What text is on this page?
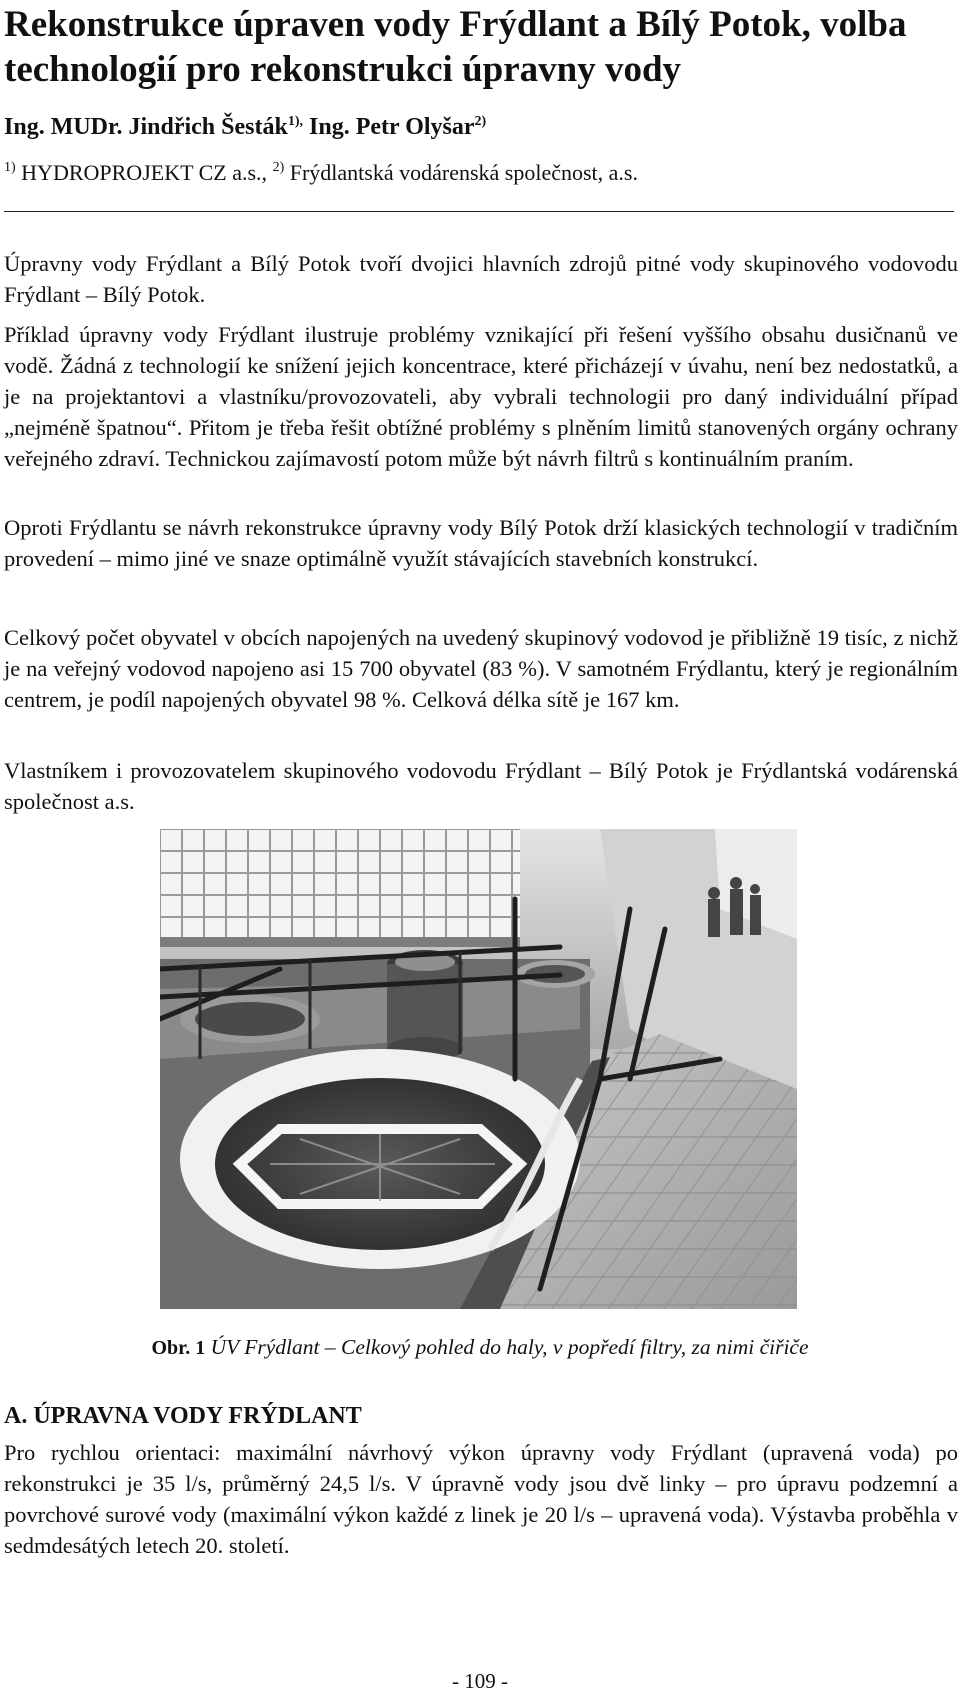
Rekonstrukce úpraven vody Frýdlant a Bílý Potok, volba technologií pro rekonstrukci úpravny vody

Ing. MUDr. Jindřich Šesták$^{1),}$ Ing. Petr Olyšar$^{2)}$

$^{1)}$ HYDROPROJEKT CZ a.s., $^{2)}$ Frýdlantská vodárenská společnost, a.s.

Úpravny vody Frýdlant a Bílý Potok tvoří dvojici hlavních zdrojů pitné vody skupinového vodovodu Frýdlant – Bílý Potok.

Příklad úpravny vody Frýdlant ilustruje problémy vznikající při řešení vyššího obsahu dusičnanů ve vodě. Žádná z technologií ke snížení jejich koncentrace, které přicházejí v úvahu, není bez nedostatků, a je na projektantovi a vlastníku/provozovateli, aby vybrali technologii pro daný individuální případ „nejméně špatnou“. Přitom je třeba řešit obtížné problémy s plněním limitů stanovených orgány ochrany veřejného zdraví. Technickou zajímavostí potom může být návrh filtrů s kontinuálním praním.

Oproti Frýdlantu se návrh rekonstrukce úpravny vody Bílý Potok drží klasických technologií v tradičním provedení – mimo jiné ve snaze optimálně využít stávajících stavebních konstrukcí.

Celkový počet obyvatel v obcích napojených na uvedený skupinový vodovod je přibližně 19 tisíc, z nichž je na veřejný vodovod napojeno asi 15 700 obyvatel (83 %). V samotném Frýdlantu, který je regionálním centrem, je podíl napojených obyvatel 98 %. Celková délka sítě je 167 km.

Vlastníkem i provozovatelem skupinového vodovodu Frýdlant – Bílý Potok je Frýdlantská vodárenská společnost a.s.

Obr. 1 ÚV Frýdlant – Celkový pohled do haly, v popředí filtry, za nimi čiřiče

A. ÚPRAVNA VODY FRÝDLANT

Pro rychlou orientaci: maximální návrhový výkon úpravny vody Frýdlant (upravená voda) po rekonstrukci je 35 l/s, průměrný 24,5 l/s. V úpravně vody jsou dvě linky – pro úpravu podzemní a povrchové surové vody (maximální výkon každé z linek je 20 l/s – upravená voda). Výstavba proběhla v sedmdesátých letech 20. století.

- 109 -
